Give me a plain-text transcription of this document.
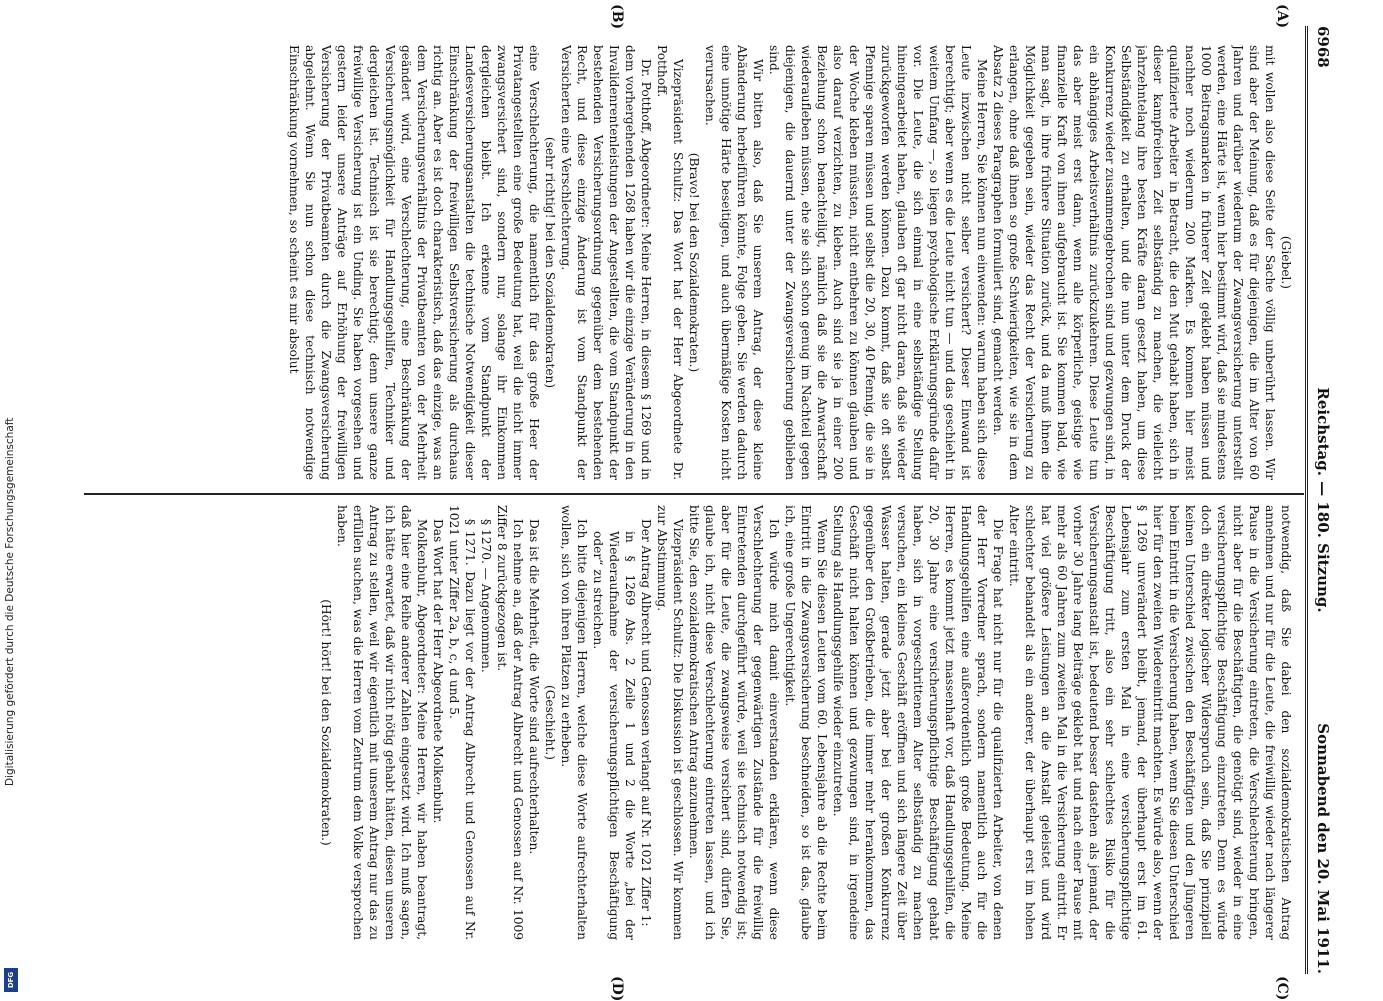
Digitalisierung gefördert durch die Deutsche Forschungsgemeinschaft
DFG
6968
Reichstag. — 180. Sitzung.
Sonnabend den 20. Mai 1911.
(A)
(B)
(C)
(D)

(Giebel.)

mit wollen also diese Seite der Sache völlig unberührt lassen. Wir sind aber der Meinung, daß es für diejenigen, die im Alter von 60 Jahren und darüber wiederum der Zwangsversicherung unterstellt werden, eine Härte ist, wenn hier bestimmt wird, daß sie mindestens 1000 Beitragsmarken in früherer Zeit geklebt haben müssen und nachher noch wiederum 200 Marken. Es kommen hier meist qualifizierte Arbeiter in Betracht, die den Mut gehabt haben, sich in dieser kampfreichen Zeit selbständig zu machen, die vielleicht jahrzehntelang ihre besten Kräfte daran gesetzt haben, um diese Selbständigkeit zu erhalten, und die nun unter dem Druck der Konkurrenz wieder zusammengebrochen sind und gezwungen sind, in ein abhängiges Arbeitsverhältnis zurückzukehren. Diese Leute tun das aber meist erst dann, wenn alle körperliche, geistige wie finanzielle Kraft von ihnen aufgebraucht ist. Sie kommen bald, wie man sagt, in ihre frühere Situation zurück, und da muß ihnen die Möglichkeit gegeben sein, wieder das Recht der Versicherung zu erlangen, ohne daß ihnen so große Schwierigkeiten, wie sie in dem Absatz 2 dieses Paragraphen formuliert sind, gemacht werden.

Meine Herren, Sie können nun einwenden: warum haben sich diese Leute inzwischen nicht selber versichert? Dieser Einwand ist berechtigt; aber wenn es die Leute nicht tun — und das geschieht in weitem Umfang —, so liegen psychologische Erklärungsgründe dafür vor. Die Leute, die sich einmal in eine selbständige Stellung hineingearbeitet haben, glauben oft gar nicht daran, daß sie wieder zurückgeworfen werden können. Dazu kommt, daß sie oft selbst Pfennige sparen müssen und selbst die 20, 30, 40 Pfennig, die sie in der Woche kleben müssten, nicht entbehren zu können glauben und also darauf verzichten, zu kleben. Auch sind sie ja in einer 200 Beziehung schon benachteiligt, nämlich daß sie die Anwartschaft wiederaufleben müssen, ehe sie sich schon genug im Nachteil gegen diejenigen, die dauernd unter der Zwangsversicherung geblieben sind.

Wir bitten also, daß Sie unserem Antrag, der diese kleine Abänderung herbeiführen könnte, Folge geben. Sie werden dadurch eine unnötige Härte beseitigen, und auch übermäßige Kosten nicht verursachen.

(Bravo! bei den Sozialdemokraten.)

Vizepräsident Schultz: Das Wort hat der Herr Abgeordnete Dr. Potthoff.

Dr. Potthoff, Abgeordneter: Meine Herren, in diesem § 1269 und in dem vorhergehenden 1268 haben wir die einzige Veränderung in den Invalidenrentenleistungen der Angestellten, die vom Standpunkt der bestehenden Versicherungsordnung gegenüber dem bestehenden Recht, und diese einzige Änderung ist vom Standpunkt der Versicherten eine Verschlechterung.

(sehr richtig! bei den Sozialdemokraten)

eine Verschlechterung, die namentlich für das große Heer der Privatangestellten eine große Bedeutung hat, weil die nicht immer zwangsversichert sind, sondern nur, solange ihr Einkommen dergleichen bleibt. Ich erkenne vom Standpunkt der Landesversicherungsanstalten die technische Notwendigkeit dieser Einschränkung der freiwilligen Selbstversicherung als durchaus richtig an. Aber es ist doch charakteristisch, daß das einzige, was an dem Versicherungsverhältnis der Privatbeamten von der Mehrheit geändert wird, eine Verschlechterung, eine Beschränkung der Versicherungsmöglichkeit für Handlungsgehilfen, Techniker und dergleichen ist. Technisch ist sie berechtigt; denn unsere ganze freiwillige Versicherung ist ein Unding. Sie haben vorgesehen und gestern leider unsere Anträge auf Erhöhung der freiwilligen Versicherung der Privatbeamten durch die Zwangsversicherung abgelehnt. Wenn Sie nun schon diese technisch notwendige Einschränkung vornehmen, so scheint es mir absolut

notwendig, daß Sie dabei den sozialdemokratischen Antrag annehmen und nur für die Leute, die freiwillig wieder nach längerer Pause in die Versicherung eintreten, die Verschlechterung bringen, nicht aber für die Beschäftigten, die genötigt sind, wieder in eine versicherungspflichtige Beschäftigung einzutreten. Denn es würde doch ein direkter logischer Widerspruch sein, daß Sie prinzipiell keinen Unterschied zwischen den Beschäftigten und den Jüngeren beim Eintritt in die Versicherung haben, wenn Sie diesen Unterschied hier für den zweiten Wiedereintritt machten. Es würde also, wenn der § 1269 unverändert bleibt, jemand, der überhaupt erst im 61. Lebensjahr zum ersten Mal in eine versicherungspflichtige Beschäftigung tritt, also ein sehr schlechtes Risiko für die Versicherungsanstalt ist, bedeutend besser dastehen als jemand, der vorher 30 Jahre lang Beiträge geklebt hat und nach einer Pause mit mehr als 60 Jahren zum zweiten Mal in die Versicherung eintritt. Er hat viel größere Leistungen an die Anstalt geleistet und wird schlechter behandelt als ein anderer, der überhaupt erst im hohen Alter eintritt.

Die Frage hat nicht nur für die qualifizierten Arbeiter, von denen der Herr Vorredner sprach, sondern namentlich auch für die Handlungsgehilfen eine außerordentlich große Bedeutung. Meine Herren, es kommt jetzt massenhaft vor, daß Handlungsgehilfen, die 20, 30 Jahre eine versicherungspflichtige Beschäftigung gehabt haben, sich in vorgeschrittenem Alter selbständig zu machen versuchen, ein kleines Geschäft eröffnen und sich längere Zeit über Wasser halten, gerade jetzt aber bei der großen Konkurrenz gegenüber den Großbetrieben, die immer mehr herankommen, das Geschäft nicht halten können und gezwungen sind, in irgendeine Stellung als Handlungsgehilfe wieder einzutreten.

Wenn Sie diesen Leuten vom 60. Lebensjahre ab die Rechte beim Eintritt in die Zwangsversicherung beschneiden, so ist das, glaube ich, eine große Ungerechtigkeit.

Ich würde mich damit einverstanden erklären, wenn diese Verschlechterung der gegenwärtigen Zustände für die freiwillig Eintretenden durchgeführt würde, weil sie technisch notwendig ist; aber für die Leute, die zwangsweise versichert sind, dürfen Sie, glaube ich, nicht diese Verschlechterung eintreten lassen, und ich bitte Sie, den sozialdemokratischen Antrag anzunehmen.

Vizepräsident Schultz: Die Diskussion ist geschlossen. Wir kommen zur Abstimmung.

Der Antrag Albrecht und Genossen verlangt auf Nr. 1021 Ziffer 1:

in § 1269 Abs. 2 Zeile 1 und 2 die Worte „bei der Wiederaufnahme der versicherungspflichtigen Beschäftigung oder“ zu streichen.

Ich bitte diejenigen Herren, welche diese Worte aufrechterhalten wollen, sich von ihren Plätzen zu erheben.

(Geschieht.)

Das ist die Mehrheit, die Worte sind aufrechterhalten.

Ich nehme an, daß der Antrag Albrecht und Genossen auf Nr. 1009 Ziffer 8 zurückgezogen ist.

§ 1270. — Angenommen.

§ 1271. Dazu liegt vor der Antrag Albrecht und Genossen auf Nr. 1021 unter Ziffer 2a, b, c, d und 5.

Das Wort hat der Herr Abgeordnete Molkenbuhr.

Molkenbuhr, Abgeordneter: Meine Herren, wir haben beantragt, daß hier eine Reihe anderer Zahlen eingesetzt wird. Ich muß sagen, ich hätte erwartet, daß wir nicht nötig gehabt hätten, diesen unseren Antrag zu stellen, weil wir eigentlich mit unserem Antrag nur das zu erfüllen suchen, was die Herren vom Zentrum dem Volke versprochen haben.

(Hört! hört! bei den Sozialdemokraten.)
